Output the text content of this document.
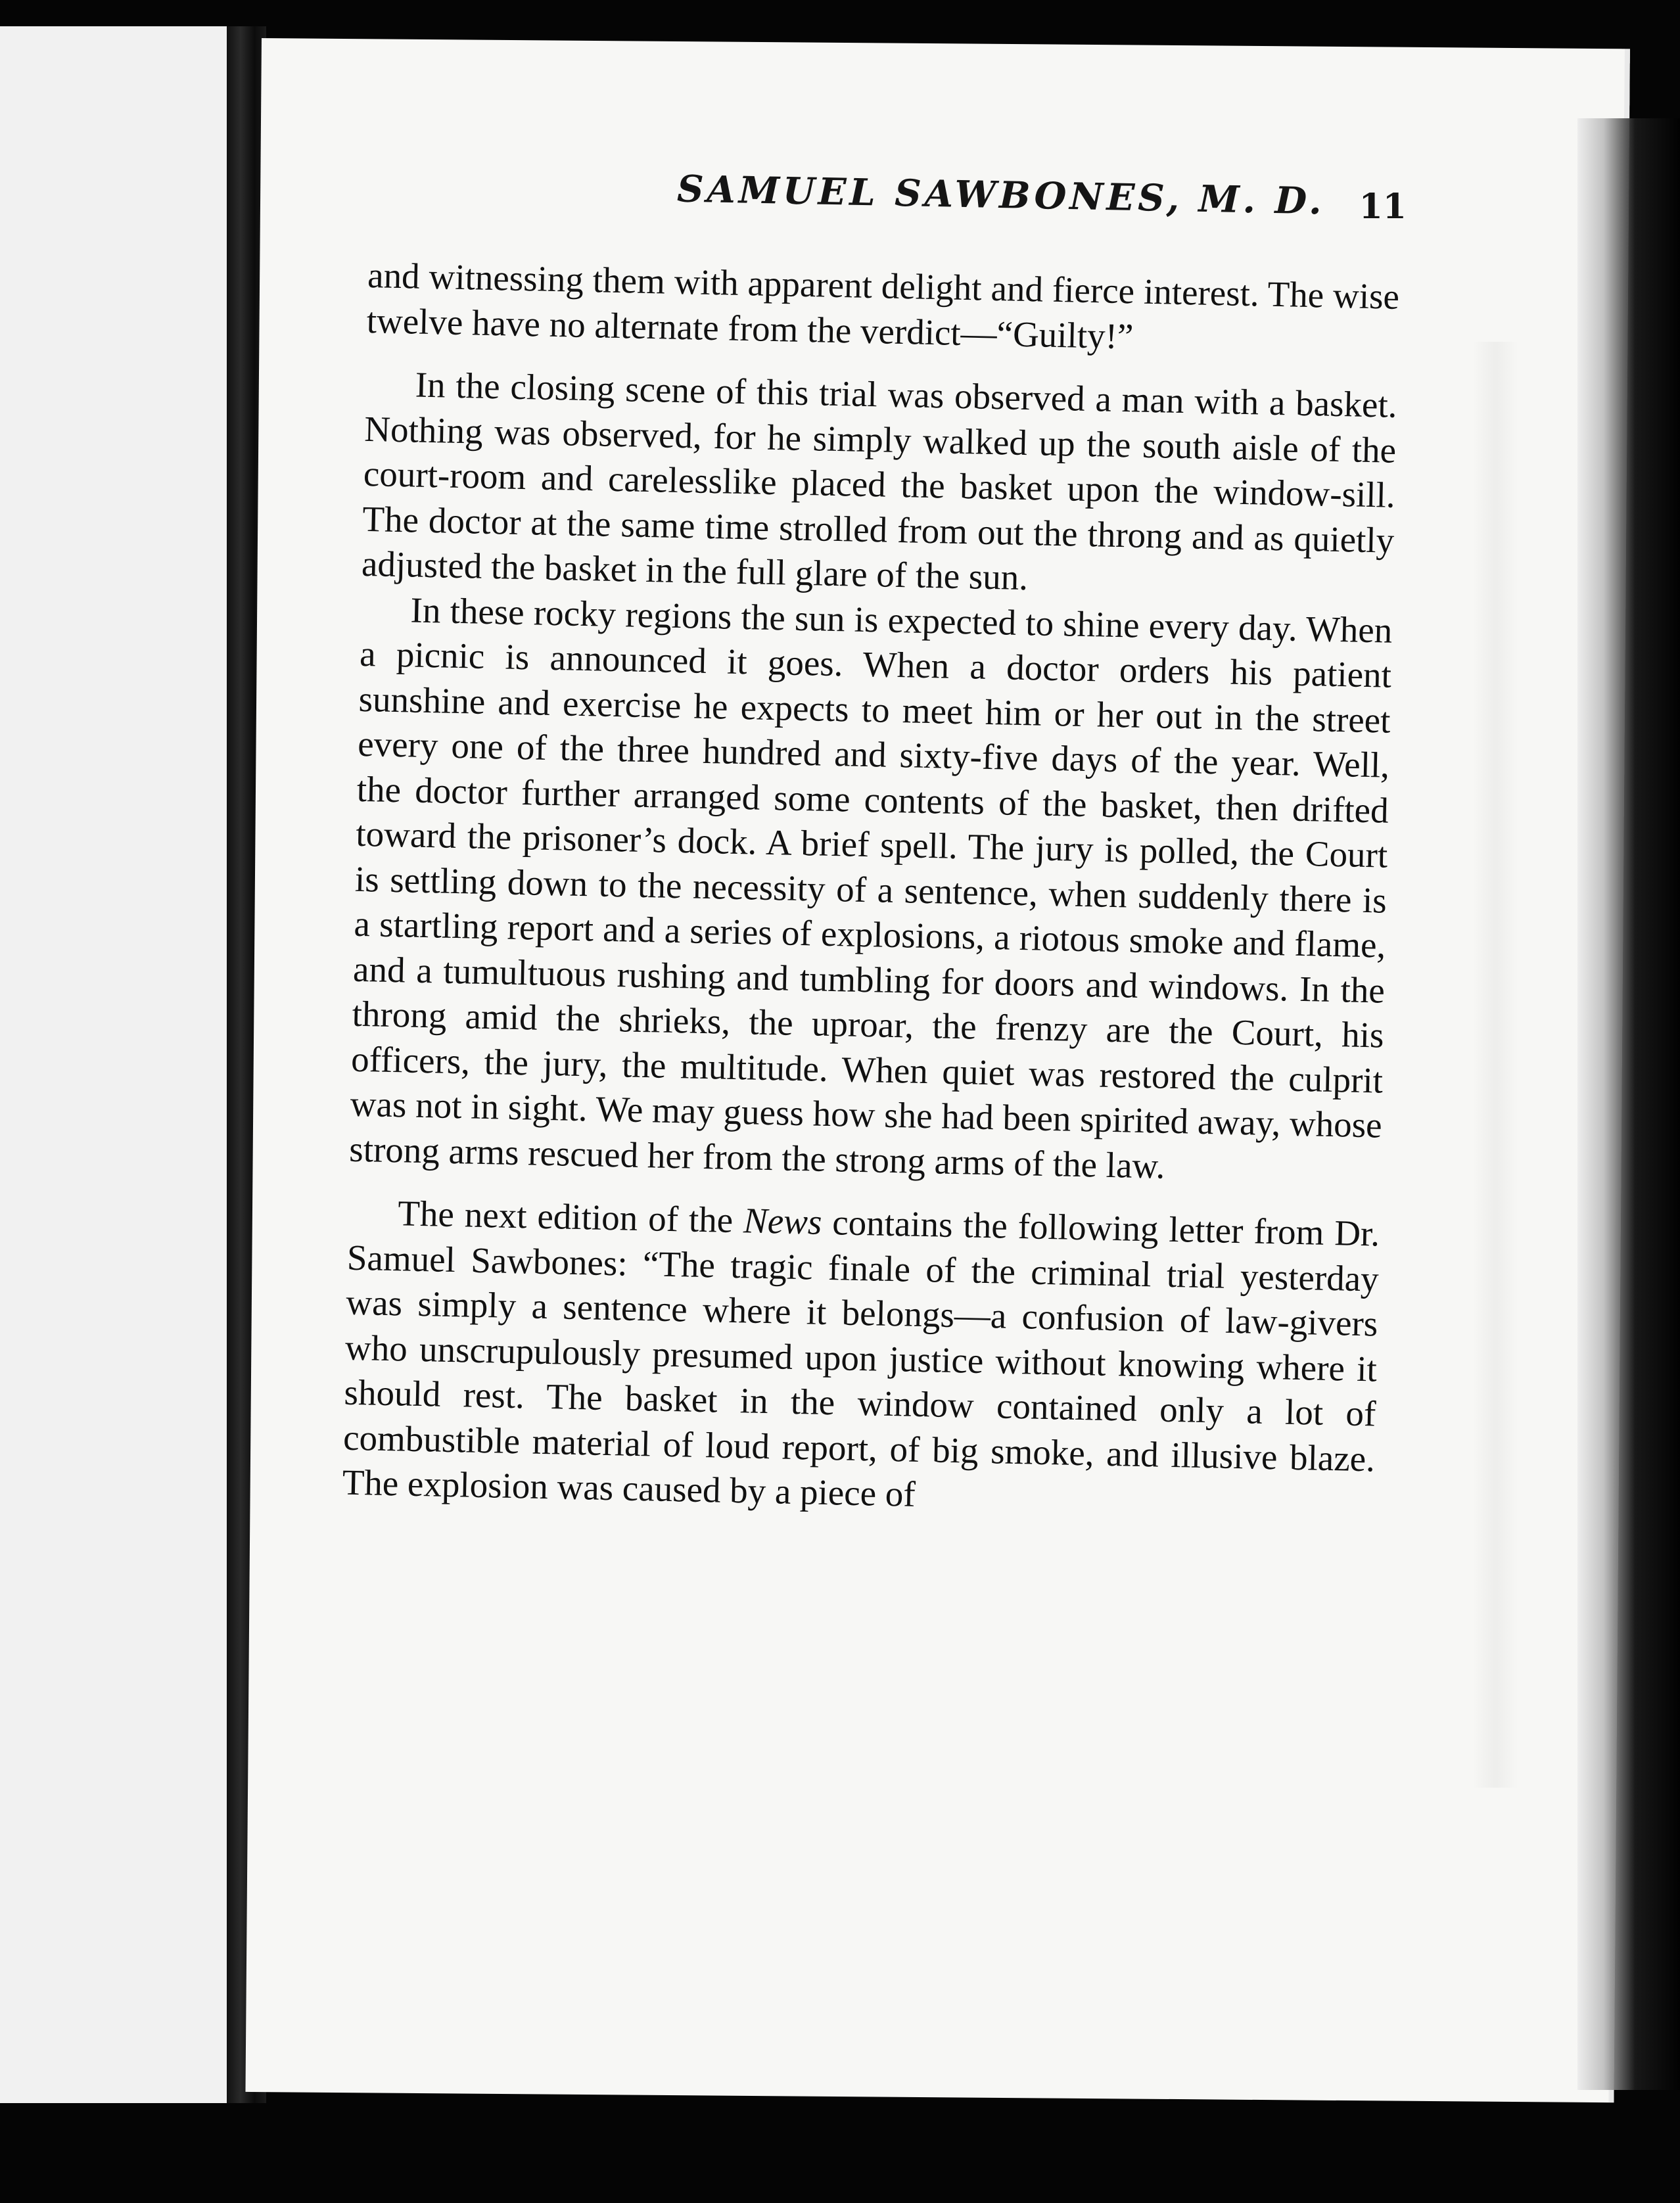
SAMUEL SAWBONES, M. D. 11

and witnessing them with apparent delight and fierce interest. The wise twelve have no alternate from the verdict—“Guilty!”

In the closing scene of this trial was observed a man with a basket. Nothing was observed, for he simply walked up the south aisle of the court-room and carelesslike placed the basket upon the window-sill. The doctor at the same time strolled from out the throng and as quietly adjusted the basket in the full glare of the sun.

In these rocky regions the sun is expected to shine every day. When a picnic is announced it goes. When a doctor orders his patient sunshine and exercise he expects to meet him or her out in the street every one of the three hundred and sixty-five days of the year. Well, the doctor further arranged some contents of the basket, then drifted toward the prisoner’s dock. A brief spell. The jury is polled, the Court is settling down to the necessity of a sentence, when suddenly there is a startling report and a series of explosions, a riotous smoke and flame, and a tumultuous rushing and tumbling for doors and windows. In the throng amid the shrieks, the uproar, the frenzy are the Court, his officers, the jury, the multitude. When quiet was restored the culprit was not in sight. We may guess how she had been spirited away, whose strong arms rescued her from the strong arms of the law.

The next edition of the News contains the following letter from Dr. Samuel Sawbones: “The tragic finale of the criminal trial yesterday was simply a sentence where it belongs—a confusion of law-givers who unscrupulously presumed upon justice without knowing where it should rest. The basket in the window contained only a lot of combustible material of loud report, of big smoke, and illusive blaze. The explosion was caused by a piece of
